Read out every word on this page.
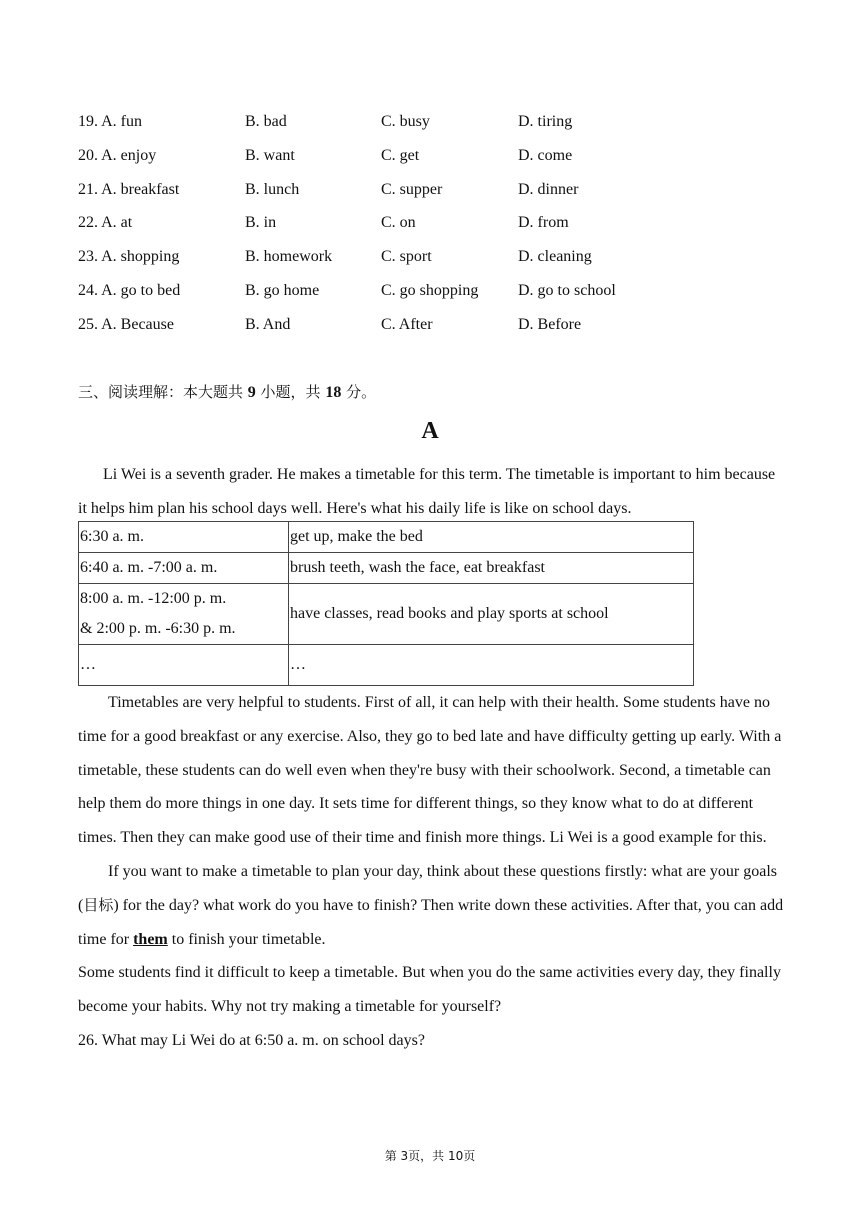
19. A. fun	B. bad	C. busy	D. tiring
20. A. enjoy	B. want	C. get	D. come
21. A. breakfast	B. lunch	C. supper	D. dinner
22. A. at	B. in	C. on	D. from
23. A. shopping	B. homework	C. sport	D. cleaning
24. A. go to bed	B. go home	C. go shopping D. go to school
25. A. Because	B. And	C. After	D. Before
三、阅读理解：本大题共 9 小题，共 18 分。
A

Li Wei is a seventh grader. He makes a timetable for this term. The timetable is important to him because it helps him plan his school days well. Here's what his daily life is like on school days.

6:30 a. m.	get up, make the bed
6:40 a. m. -7:00 a. m.	brush teeth, wash the face, eat breakfast

8:00 a. m. -12:00 p. m.
& 2:00 p. m. -6:30 p. m.	have classes, read books and play sports at school
…	…

Timetables are very helpful to students. First of all, it can help with their health. Some students have no time for a good breakfast or any exercise. Also, they go to bed late and have difficulty getting up early. With a timetable, these students can do well even when they're busy with their schoolwork. Second, a timetable can help them do more things in one day. It sets time for different things, so they know what to do at different times. Then they can make good use of their time and finish more things. Li Wei is a good example for this.

If you want to make a timetable to plan your day, think about these questions firstly: what are your goals (目标) for the day? what work do you have to finish? Then write down these activities. After that, you can add time for them to finish your timetable.

Some students find it difficult to keep a timetable. But when you do the same activities every day, they finally become your habits. Why not try making a timetable for yourself?

26. What may Li Wei do at 6:50 a. m. on school days?

第 3页，共 10页
